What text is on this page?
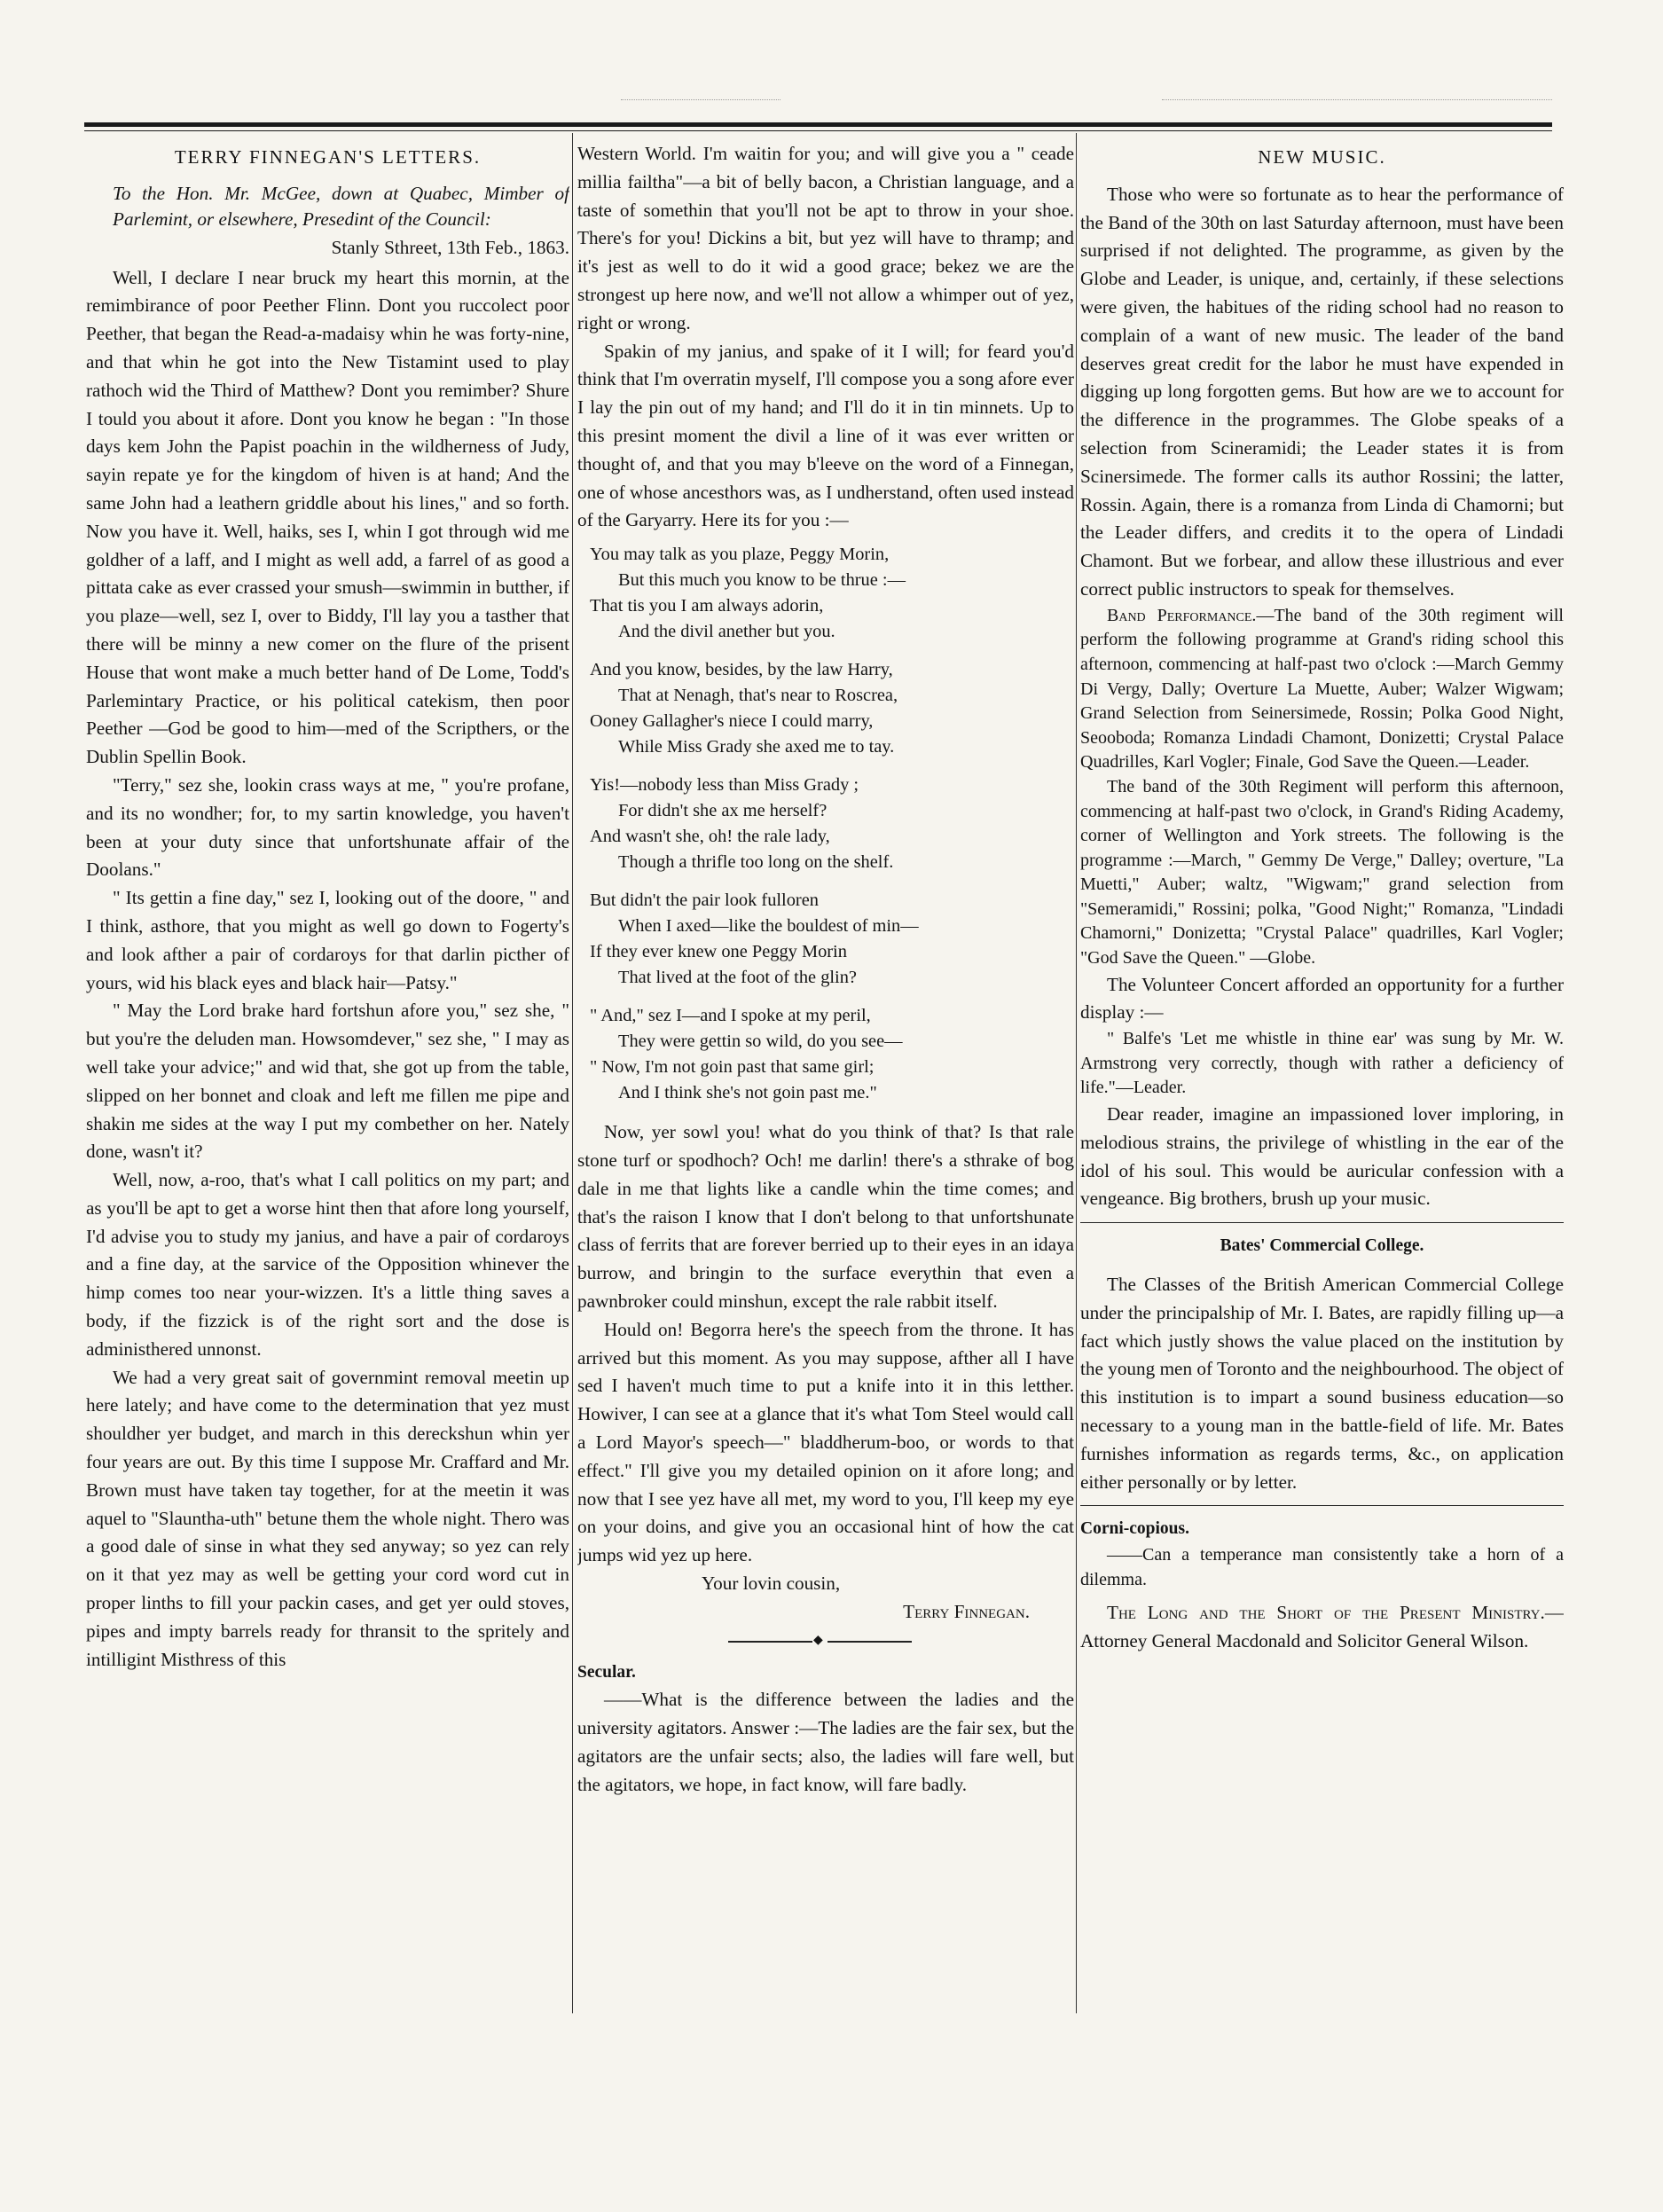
TERRY FINNEGAN'S LETTERS.

To the Hon. Mr. McGee, down at Quabec, Mimber of Parlemint, or elsewhere, Presedint of the Council:

Stanly Sthreet, 13th Feb., 1863.

Well, I declare I near bruck my heart this mornin, at the remimbirance of poor Peether Flinn. Dont you ruccolect poor Peether, that began the Read-a-madaisy whin he was forty-nine, and that whin he got into the New Tistamint used to play rathoch wid the Third of Matthew? Dont you remimber? Shure I tould you about it afore. Dont you know he began : "In those days kem John the Papist poachin in the wildherness of Judy, sayin repate ye for the kingdom of hiven is at hand; And the same John had a leathern griddle about his lines," and so forth. Now you have it. Well, haiks, ses I, whin I got through wid me goldher of a laff, and I might as well add, a farrel of as good a pittata cake as ever crassed your smush—swimmin in butther, if you plaze—well, sez I, over to Biddy, I'll lay you a tasther that there will be minny a new comer on the flure of the prisent House that wont make a much better hand of De Lome, Todd's Parlemintary Practice, or his political catekism, then poor Peether —God be good to him—med of the Scripthers, or the Dublin Spellin Book.

"Terry," sez she, lookin crass ways at me, " you're profane, and its no wondher; for, to my sartin knowledge, you haven't been at your duty since that unfortshunate affair of the Doolans."

" Its gettin a fine day," sez I, looking out of the doore, " and I think, asthore, that you might as well go down to Fogerty's and look afther a pair of cordaroys for that darlin picther of yours, wid his black eyes and black hair—Patsy."

" May the Lord brake hard fortshun afore you," sez she, " but you're the deluden man. Howsomdever," sez she, " I may as well take your advice;" and wid that, she got up from the table, slipped on her bonnet and cloak and left me fillen me pipe and shakin me sides at the way I put my combether on her. Nately done, wasn't it?

Well, now, a-roo, that's what I call politics on my part; and as you'll be apt to get a worse hint then that afore long yourself, I'd advise you to study my janius, and have a pair of cordaroys and a fine day, at the sarvice of the Opposition whinever the himp comes too near your-wizzen. It's a little thing saves a body, if the fizzick is of the right sort and the dose is administhered unnonst.

We had a very great sait of governmint removal meetin up here lately; and have come to the determination that yez must shouldher yer budget, and march in this dereckshun whin yer four years are out. By this time I suppose Mr. Craffard and Mr. Brown must have taken tay together, for at the meetin it was aquel to "Slauntha-uth" betune them the whole night. Thero was a good dale of sinse in what they sed anyway; so yez can rely on it that yez may as well be getting your cord word cut in proper linths to fill your packin cases, and get yer ould stoves, pipes and impty barrels ready for thransit to the spritely and intilligint Misthress of this

Western World. I'm waitin for you; and will give you a " ceade millia failtha"—a bit of belly bacon, a Christian language, and a taste of somethin that you'll not be apt to throw in your shoe. There's for you! Dickins a bit, but yez will have to thramp; and it's jest as well to do it wid a good grace; bekez we are the strongest up here now, and we'll not allow a whimper out of yez, right or wrong.

Spakin of my janius, and spake of it I will; for feard you'd think that I'm overratin myself, I'll compose you a song afore ever I lay the pin out of my hand; and I'll do it in tin minnets. Up to this presint moment the divil a line of it was ever written or thought of, and that you may b'leeve on the word of a Finnegan, one of whose ancesthors was, as I undherstand, often used instead of the Garyarry. Here its for you :—

You may talk as you plaze, Peggy Morin,
But this much you know to be thrue :—
That tis you I am always adorin,
And the divil anether but you.
And you know, besides, by the law Harry,
That at Nenagh, that's near to Roscrea,
Ooney Gallagher's niece I could marry,
While Miss Grady she axed me to tay.
Yis!—nobody less than Miss Grady ;
For didn't she ax me herself?
And wasn't she, oh! the rale lady,
Though a thrifle too long on the shelf.
But didn't the pair look fulloren
When I axed—like the bouldest of min—
If they ever knew one Peggy Morin
That lived at the foot of the glin?
" And," sez I—and I spoke at my peril,
They were gettin so wild, do you see—
" Now, I'm not goin past that same girl;
And I think she's not goin past me."

Now, yer sowl you! what do you think of that? Is that rale stone turf or spodhoch? Och! me darlin! there's a sthrake of bog dale in me that lights like a candle whin the time comes; and that's the raison I know that I don't belong to that unfortshunate class of ferrits that are forever berried up to their eyes in an idaya burrow, and bringin to the surface everythin that even a pawnbroker could minshun, except the rale rabbit itself.

Hould on! Begorra here's the speech from the throne. It has arrived but this moment. As you may suppose, afther all I have sed I haven't much time to put a knife into it in this letther. Howiver, I can see at a glance that it's what Tom Steel would call a Lord Mayor's speech—" bladdherum-boo, or words to that effect." I'll give you my detailed opinion on it afore long; and now that I see yez have all met, my word to you, I'll keep my eye on your doins, and give you an occasional hint of how the cat jumps wid yez up here.

Your lovin cousin,

Terry Finnegan.

◆

Secular.

——What is the difference between the ladies and the university agitators. Answer :—The ladies are the fair sex, but the agitators are the unfair sects; also, the ladies will fare well, but the agitators, we hope, in fact know, will fare badly.

NEW MUSIC.

Those who were so fortunate as to hear the performance of the Band of the 30th on last Saturday afternoon, must have been surprised if not delighted. The programme, as given by the Globe and Leader, is unique, and, certainly, if these selections were given, the habitues of the riding school had no reason to complain of a want of new music. The leader of the band deserves great credit for the labor he must have expended in digging up long forgotten gems. But how are we to account for the difference in the programmes. The Globe speaks of a selection from Scineramidi; the Leader states it is from Scinersimede. The former calls its author Rossini; the latter, Rossin. Again, there is a romanza from Linda di Chamorni; but the Leader differs, and credits it to the opera of Lindadi Chamont. But we forbear, and allow these illustrious and ever correct public instructors to speak for themselves.

Band Performance.—The band of the 30th regiment will perform the following programme at Grand's riding school this afternoon, commencing at half-past two o'clock :—March Gemmy Di Vergy, Dally; Overture La Muette, Auber; Walzer Wigwam; Grand Selection from Seinersimede, Rossin; Polka Good Night, Seooboda; Romanza Lindadi Chamont, Donizetti; Crystal Palace Quadrilles, Karl Vogler; Finale, God Save the Queen.—Leader.

The band of the 30th Regiment will perform this afternoon, commencing at half-past two o'clock, in Grand's Riding Academy, corner of Wellington and York streets. The following is the programme :—March, " Gemmy De Verge," Dalley; overture, "La Muetti," Auber; waltz, "Wigwam;" grand selection from "Semeramidi," Rossini; polka, "Good Night;" Romanza, "Lindadi Chamorni," Donizetta; "Crystal Palace" quadrilles, Karl Vogler; "God Save the Queen." —Globe.

The Volunteer Concert afforded an opportunity for a further display :—

" Balfe's 'Let me whistle in thine ear' was sung by Mr. W. Armstrong very correctly, though with rather a deficiency of life."—Leader.

Dear reader, imagine an impassioned lover imploring, in melodious strains, the privilege of whistling in the ear of the idol of his soul. This would be auricular confession with a vengeance. Big brothers, brush up your music.

Bates' Commercial College.

The Classes of the British American Commercial College under the principalship of Mr. I. Bates, are rapidly filling up—a fact which justly shows the value placed on the institution by the young men of Toronto and the neighbourhood. The object of this institution is to impart a sound business education—so necessary to a young man in the battle-field of life. Mr. Bates furnishes information as regards terms, &c., on application either personally or by letter.

Corni-copious.

——Can a temperance man consistently take a horn of a dilemma.

The Long and the Short of the Present Ministry.—Attorney General Macdonald and Solicitor General Wilson.
